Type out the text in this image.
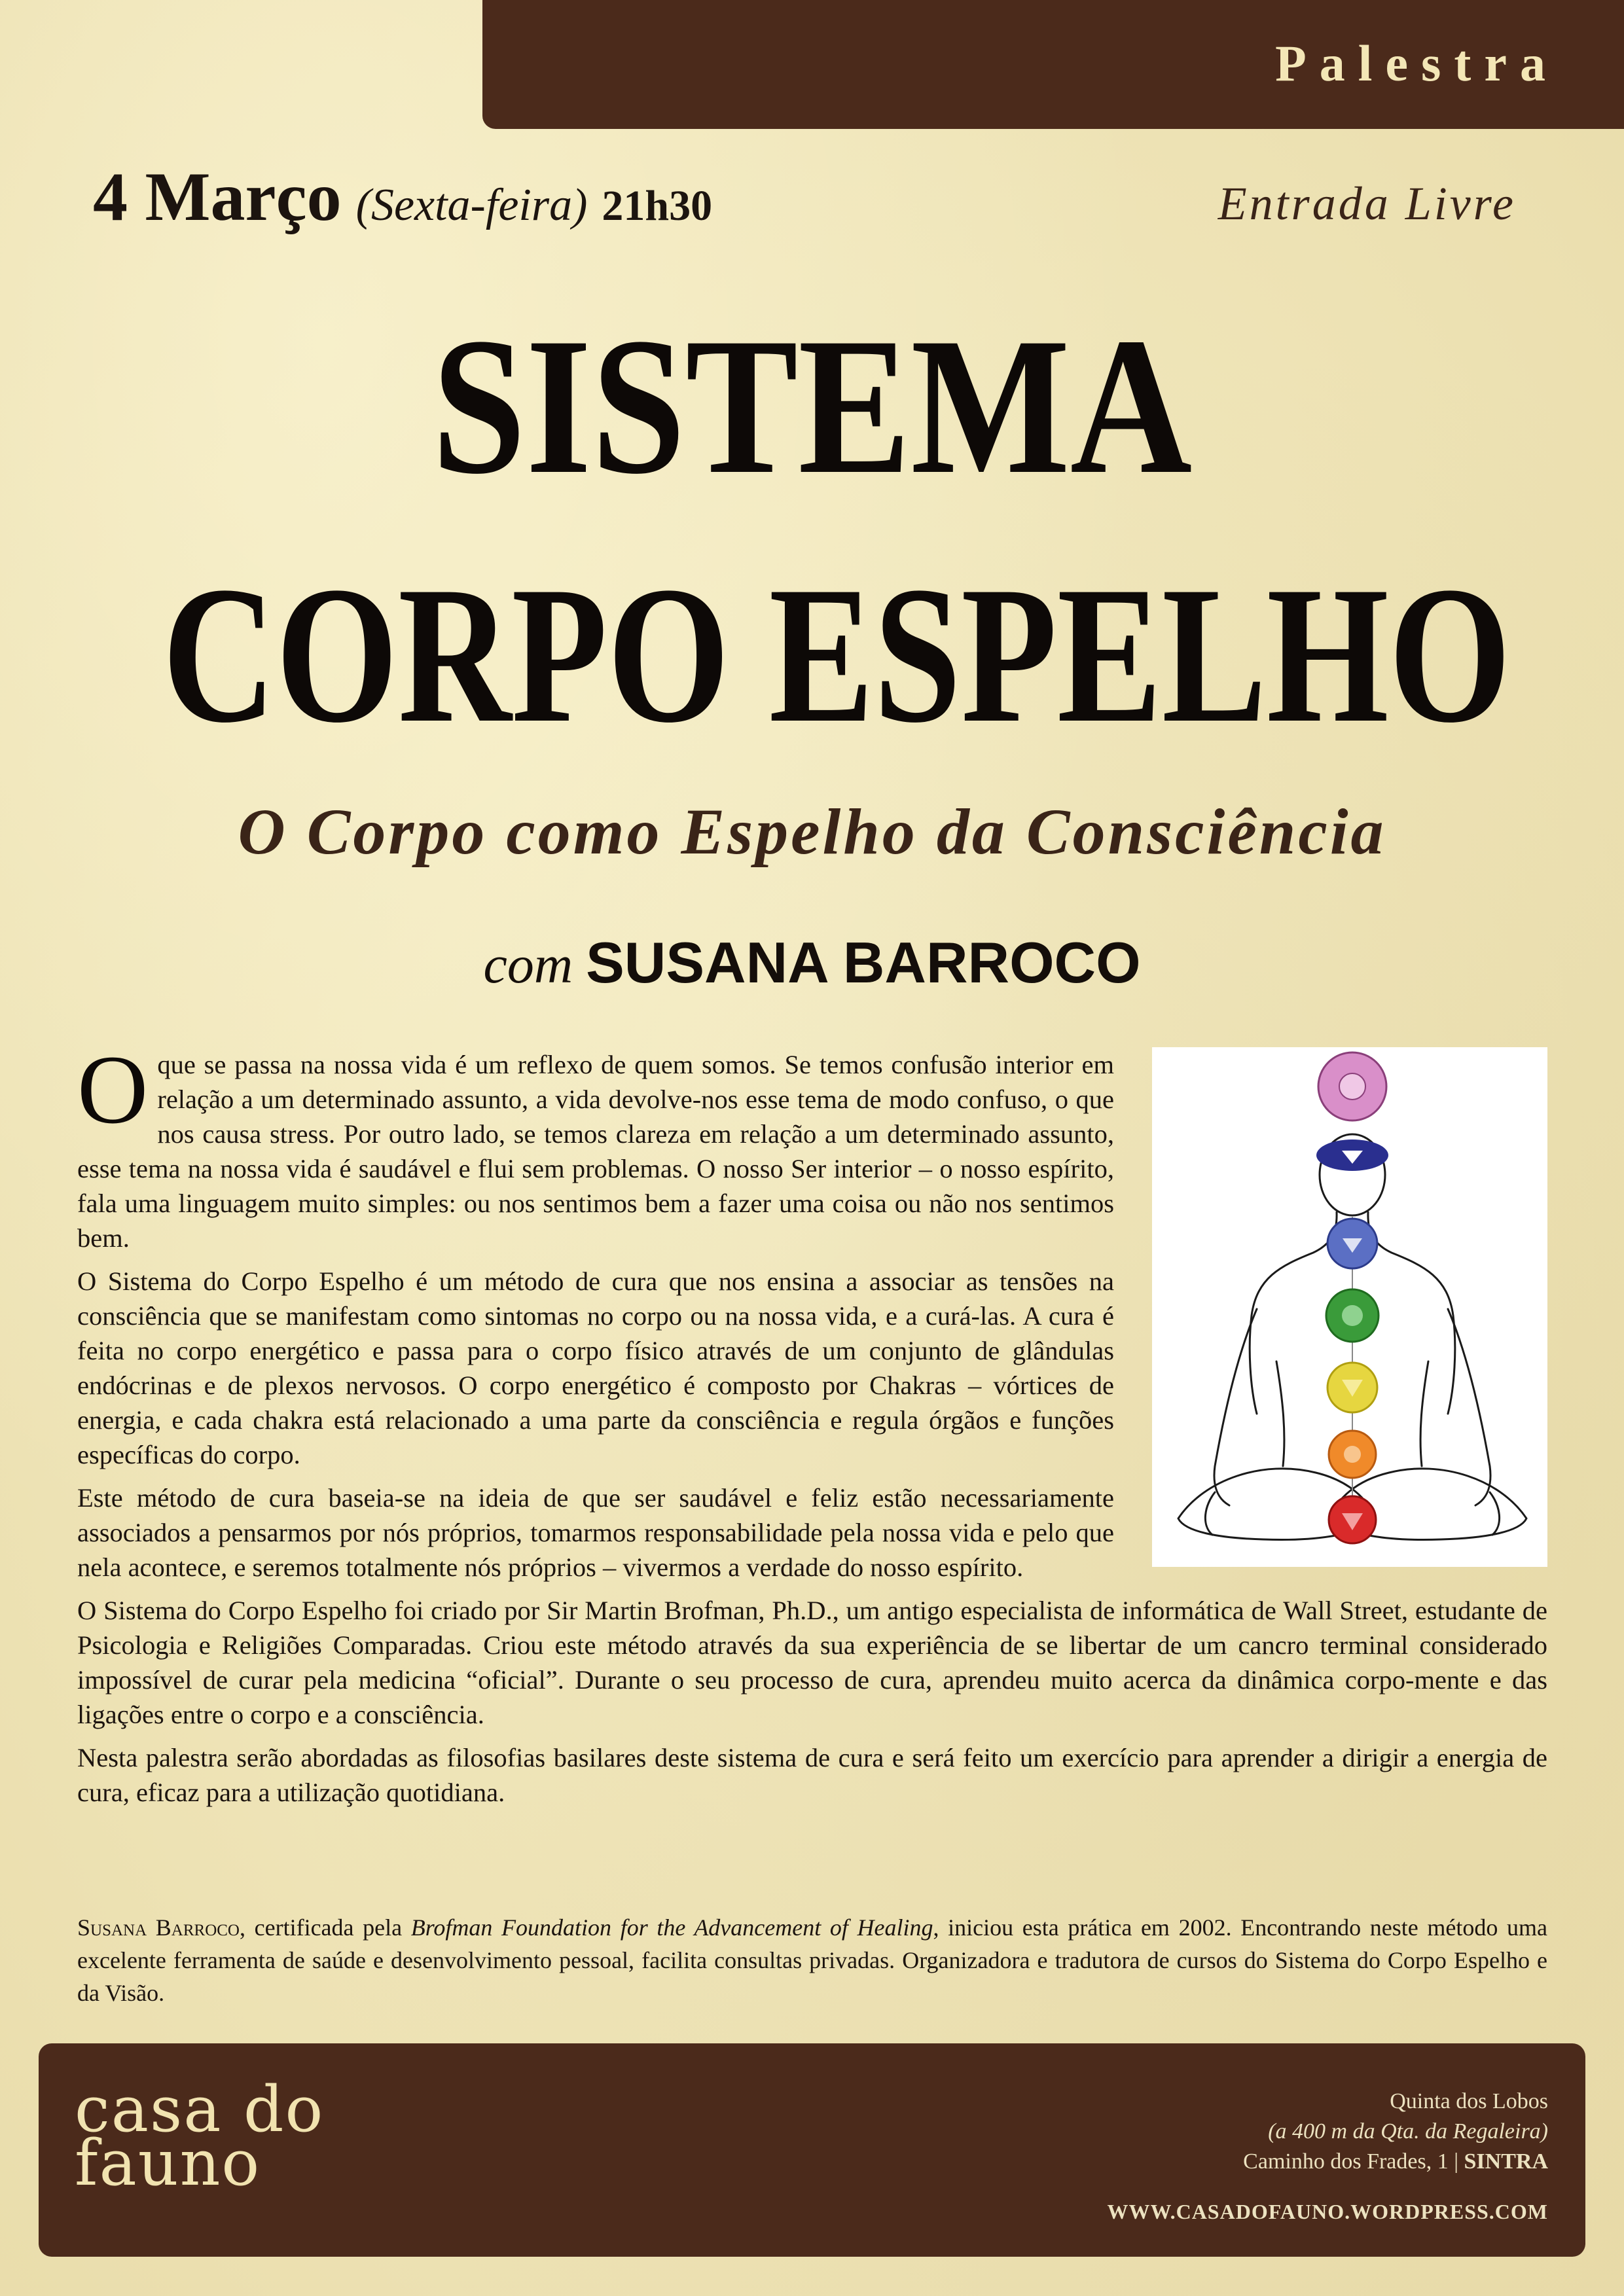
Palestra
4 Março (Sexta-feira) 21h30	Entrada Livre
SISTEMA
CORPO ESPELHO
O Corpo como Espelho da Consciência
com SUSANA BARROCO
O que se passa na nossa vida é um reflexo de quem somos. Se temos confusão interior em relação a um determinado assunto, a vida devolve-nos esse tema de modo confuso, o que nos causa stress. Por outro lado, se temos clareza em relação a um determinado assunto, esse tema na nossa vida é saudável e flui sem problemas. O nosso Ser interior – o nosso espírito, fala uma linguagem muito simples: ou nos sentimos bem a fazer uma coisa ou não nos sentimos bem.

O Sistema do Corpo Espelho é um método de cura que nos ensina a associar as tensões na consciência que se manifestam como sintomas no corpo ou na nossa vida, e a curá-las. A cura é feita no corpo energético e passa para o corpo físico através de um conjunto de glândulas endócrinas e de plexos nervosos. O corpo energético é composto por Chakras – vórtices de energia, e cada chakra está relacionado a uma parte da consciência e regula órgãos e funções específicas do corpo.

Este método de cura baseia-se na ideia de que ser saudável e feliz estão necessariamente associados a pensarmos por nós próprios, tomarmos responsabilidade pela nossa vida e pelo que nela acontece, e seremos totalmente nós próprios – vivermos a verdade do nosso espírito.

O Sistema do Corpo Espelho foi criado por Sir Martin Brofman, Ph.D., um antigo especialista de informática de Wall Street, estudante de Psicologia e Religiões Comparadas. Criou este método através da sua experiência de se libertar de um cancro terminal considerado impossível de curar pela medicina “oficial”. Durante o seu processo de cura, aprendeu muito acerca da dinâmica corpo-mente e das ligações entre o corpo e a consciência.

Nesta palestra serão abordadas as filosofias basilares deste sistema de cura e será feito um exercício para aprender a dirigir a energia de cura, eficaz para a utilização quotidiana.

Susana Barroco, certificada pela Brofman Foundation for the Advancement of Healing, iniciou esta prática em 2002. Encontrando neste método uma excelente ferramenta de saúde e desenvolvimento pessoal, facilita consultas privadas. Organizadora e tradutora de cursos do Sistema do Corpo Espelho e da Visão.
casa do
fauno
Quinta dos Lobos
(a 400 m da Qta. da Regaleira)
Caminho dos Frades, 1 | SINTRA
WWW.CASADOFAUNO.WORDPRESS.COM
